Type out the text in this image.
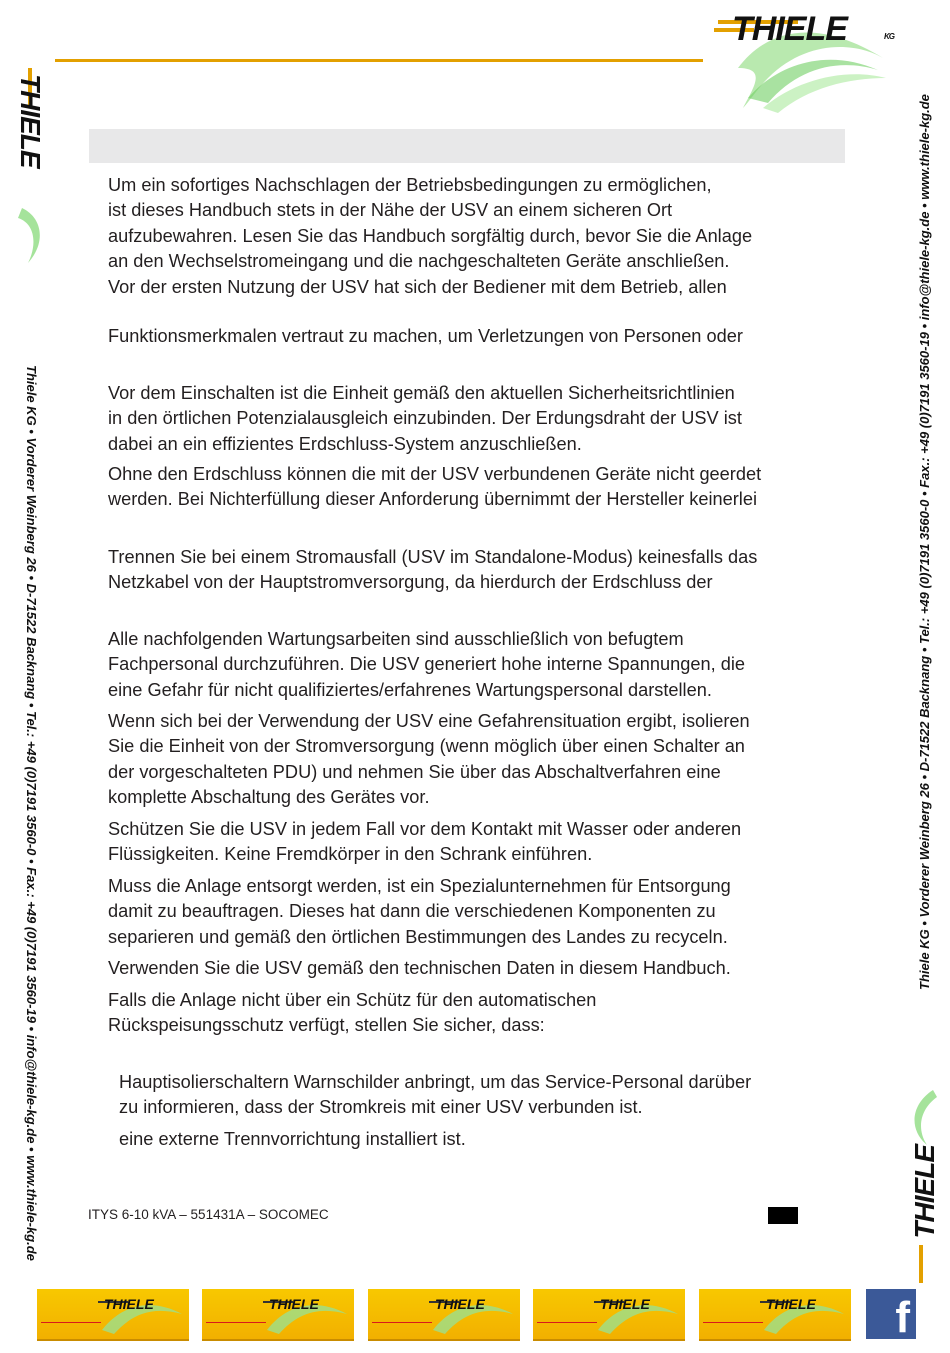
THIELE	KG

Um ein sofortiges Nachschlagen der Betriebsbedingungen zu ermöglichen,
ist dieses Handbuch stets in der Nähe der USV an einem sicheren Ort
aufzubewahren. Lesen Sie das Handbuch sorgfältig durch, bevor Sie die Anlage
an den Wechselstromeingang und die nachgeschalteten Geräte anschließen.
Vor der ersten Nutzung der USV hat sich der Bediener mit dem Betrieb, allen

Funktionsmerkmalen vertraut zu machen, um Verletzungen von Personen oder

Vor dem Einschalten ist die Einheit gemäß den aktuellen Sicherheitsrichtlinien
in den örtlichen Potenzialausgleich einzubinden. Der Erdungsdraht der USV ist
dabei an ein effizientes Erdschluss-System anzuschließen.

Ohne den Erdschluss können die mit der USV verbundenen Geräte nicht geerdet
werden. Bei Nichterfüllung dieser Anforderung übernimmt der Hersteller keinerlei

Trennen Sie bei einem Stromausfall (USV im Standalone-Modus) keinesfalls das
Netzkabel von der Hauptstromversorgung, da hierdurch der Erdschluss der

Alle nachfolgenden Wartungsarbeiten sind ausschließlich von befugtem
Fachpersonal durchzuführen. Die USV generiert hohe interne Spannungen, die
eine Gefahr für nicht qualifiziertes/erfahrenes Wartungspersonal darstellen.

Wenn sich bei der Verwendung der USV eine Gefahrensituation ergibt, isolieren
Sie die Einheit von der Stromversorgung (wenn möglich über einen Schalter an
der vorgeschalteten PDU) und nehmen Sie über das Abschaltverfahren eine
komplette Abschaltung des Gerätes vor.

Schützen Sie die USV in jedem Fall vor dem Kontakt mit Wasser oder anderen
Flüssigkeiten. Keine Fremdkörper in den Schrank einführen.

Muss die Anlage entsorgt werden, ist ein Spezialunternehmen für Entsorgung
damit zu beauftragen. Dieses hat dann die verschiedenen Komponenten zu
separieren und gemäß den örtlichen Bestimmungen des Landes zu recyceln.

Verwenden Sie die USV gemäß den technischen Daten in diesem Handbuch.

Falls die Anlage nicht über ein Schütz für den automatischen
Rückspeisungsschutz verfügt, stellen Sie sicher, dass:

Hauptisolierschaltern Warnschilder anbringt, um das Service-Personal darüber
zu informieren, dass der Stromkreis mit einer USV verbunden ist.

eine externe Trennvorrichtung installiert ist.

ITYS 6-10 kVA – 551431A – SOCOMEC
THIELE
Thiele KG • Vorderer Weinberg 26 • D-71522 Backnang • Tel.: +49 (0)7191 3560-0 • Fax.: +49 (0)7191 3560-19 • info@thiele-kg.de • www.thiele-kg.de	Thiele KG • Vorderer Weinberg 26 • D-71522 Backnang • Tel.: +49 (0)7191 3560-0 • Fax.: +49 (0)7191 3560-19 • info@thiele-kg.de • www.thiele-kg.de
THIELE
THIELE	THIELE	THIELE	THIELE	THIELE	f
